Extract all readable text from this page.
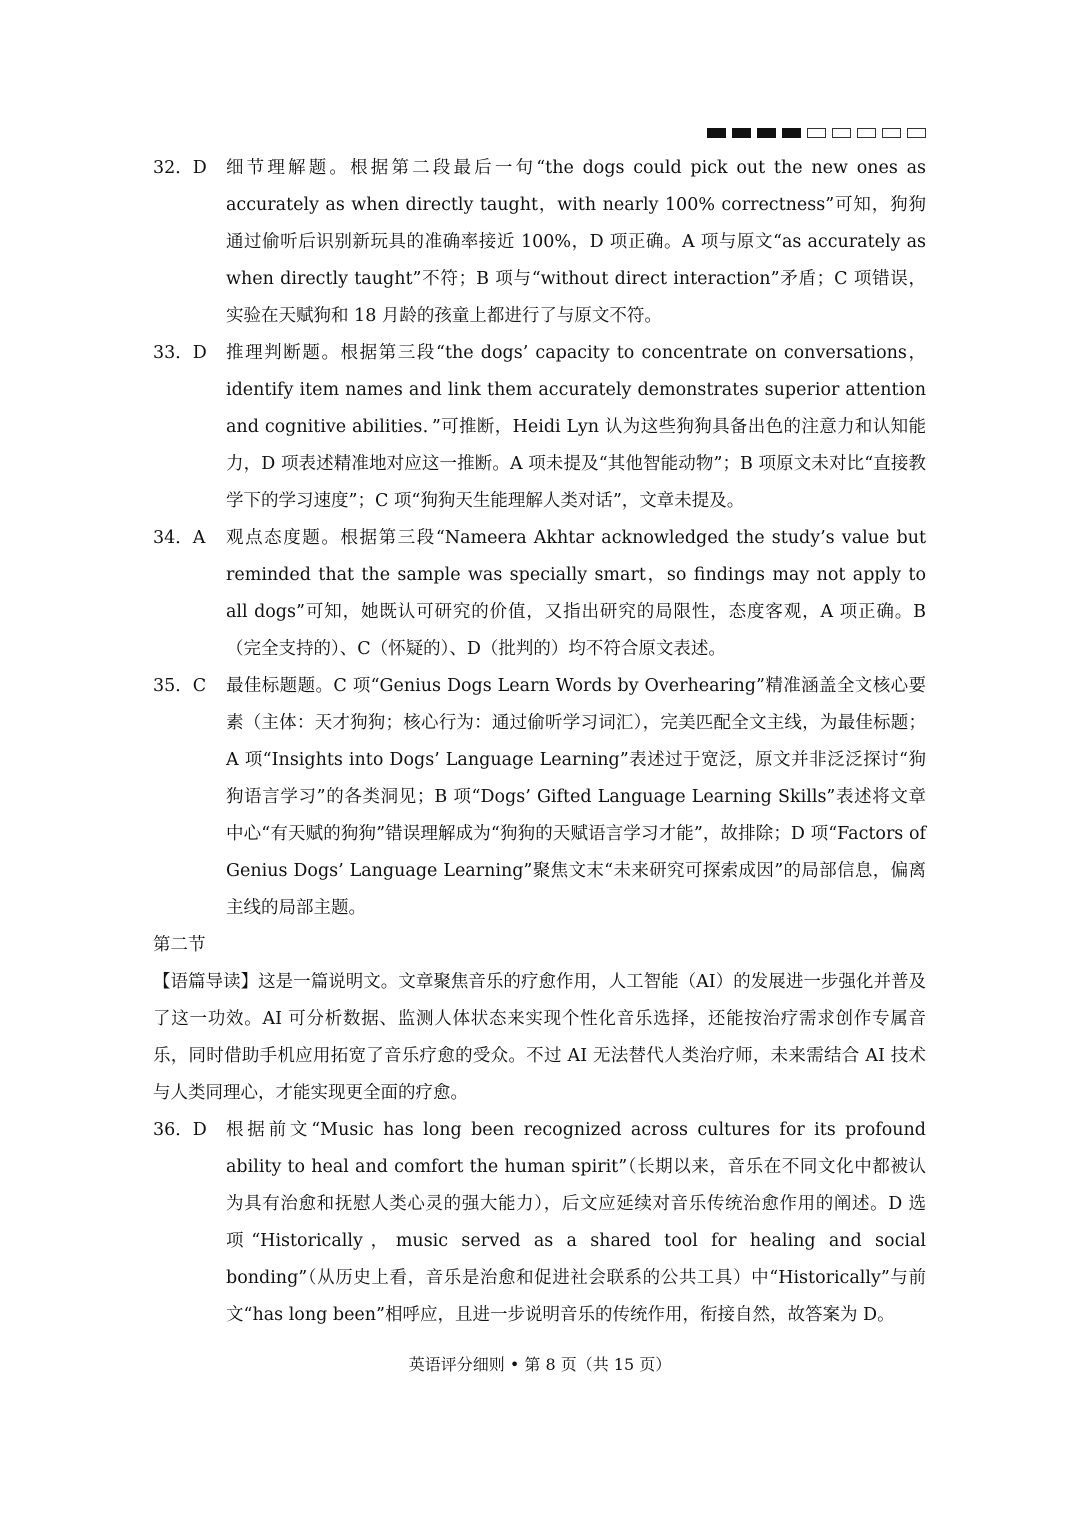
32．D	细节理解题。根据第二段最后一句“the dogs could pick out the new ones as accurately as when directly taught，with nearly 100% correctness”可知，狗狗通过偷听后识别新玩具的准确率接近 100%，D 项正确。A 项与原文“as accurately as when directly taught”不符；B 项与“without direct interaction”矛盾；C 项错误，实验在天赋狗和 18 月龄的孩童上都进行了与原文不符。
33．D	推理判断题。根据第三段“the dogs’ capacity to concentrate on conversations，identify item names and link them accurately demonstrates superior attention and cognitive abilities．”可推断，Heidi Lyn 认为这些狗狗具备出色的注意力和认知能力，D 项表述精准地对应这一推断。A 项未提及“其他智能动物”；B 项原文未对比“直接教学下的学习速度”；C 项“狗狗天生能理解人类对话”，文章未提及。
34．A	观点态度题。根据第三段“Nameera Akhtar acknowledged the study’s value but reminded that the sample was specially smart，so findings may not apply to all dogs”可知，她既认可研究的价值，又指出研究的局限性，态度客观，A 项正确。B（完全支持的）、C（怀疑的）、D（批判的）均不符合原文表述。
35．C	最佳标题题。C 项“Genius Dogs Learn Words by Overhearing”精准涵盖全文核心要素（主体：天才狗狗；核心行为：通过偷听学习词汇），完美匹配全文主线，为最佳标题；A 项“Insights into Dogs’ Language Learning”表述过于宽泛，原文并非泛泛探讨“狗狗语言学习”的各类洞见；B 项“Dogs’ Gifted Language Learning Skills”表述将文章中心“有天赋的狗狗”错误理解成为“狗狗的天赋语言学习才能”，故排除；D 项“Factors of Genius Dogs’ Language Learning”聚焦文末“未来研究可探索成因”的局部信息，偏离主线的局部主题。
第二节
【语篇导读】这是一篇说明文。文章聚焦音乐的疗愈作用，人工智能（AI）的发展进一步强化并普及了这一功效。AI 可分析数据、监测人体状态来实现个性化音乐选择，还能按治疗需求创作专属音乐，同时借助手机应用拓宽了音乐疗愈的受众。不过 AI 无法替代人类治疗师，未来需结合 AI 技术与人类同理心，才能实现更全面的疗愈。
36．D	根据前文“Music has long been recognized across cultures for its profound ability to heal and comfort the human spirit”（长期以来，音乐在不同文化中都被认为具有治愈和抚慰人类心灵的强大能力），后文应延续对音乐传统治愈作用的阐述。D 选项“Historically，music served as a shared tool for healing and social bonding”（从历史上看，音乐是治愈和促进社会联系的公共工具）中“Historically”与前文“has long been”相呼应，且进一步说明音乐的传统作用，衔接自然，故答案为 D。
英语评分细则 • 第 8 页（共 15 页）
